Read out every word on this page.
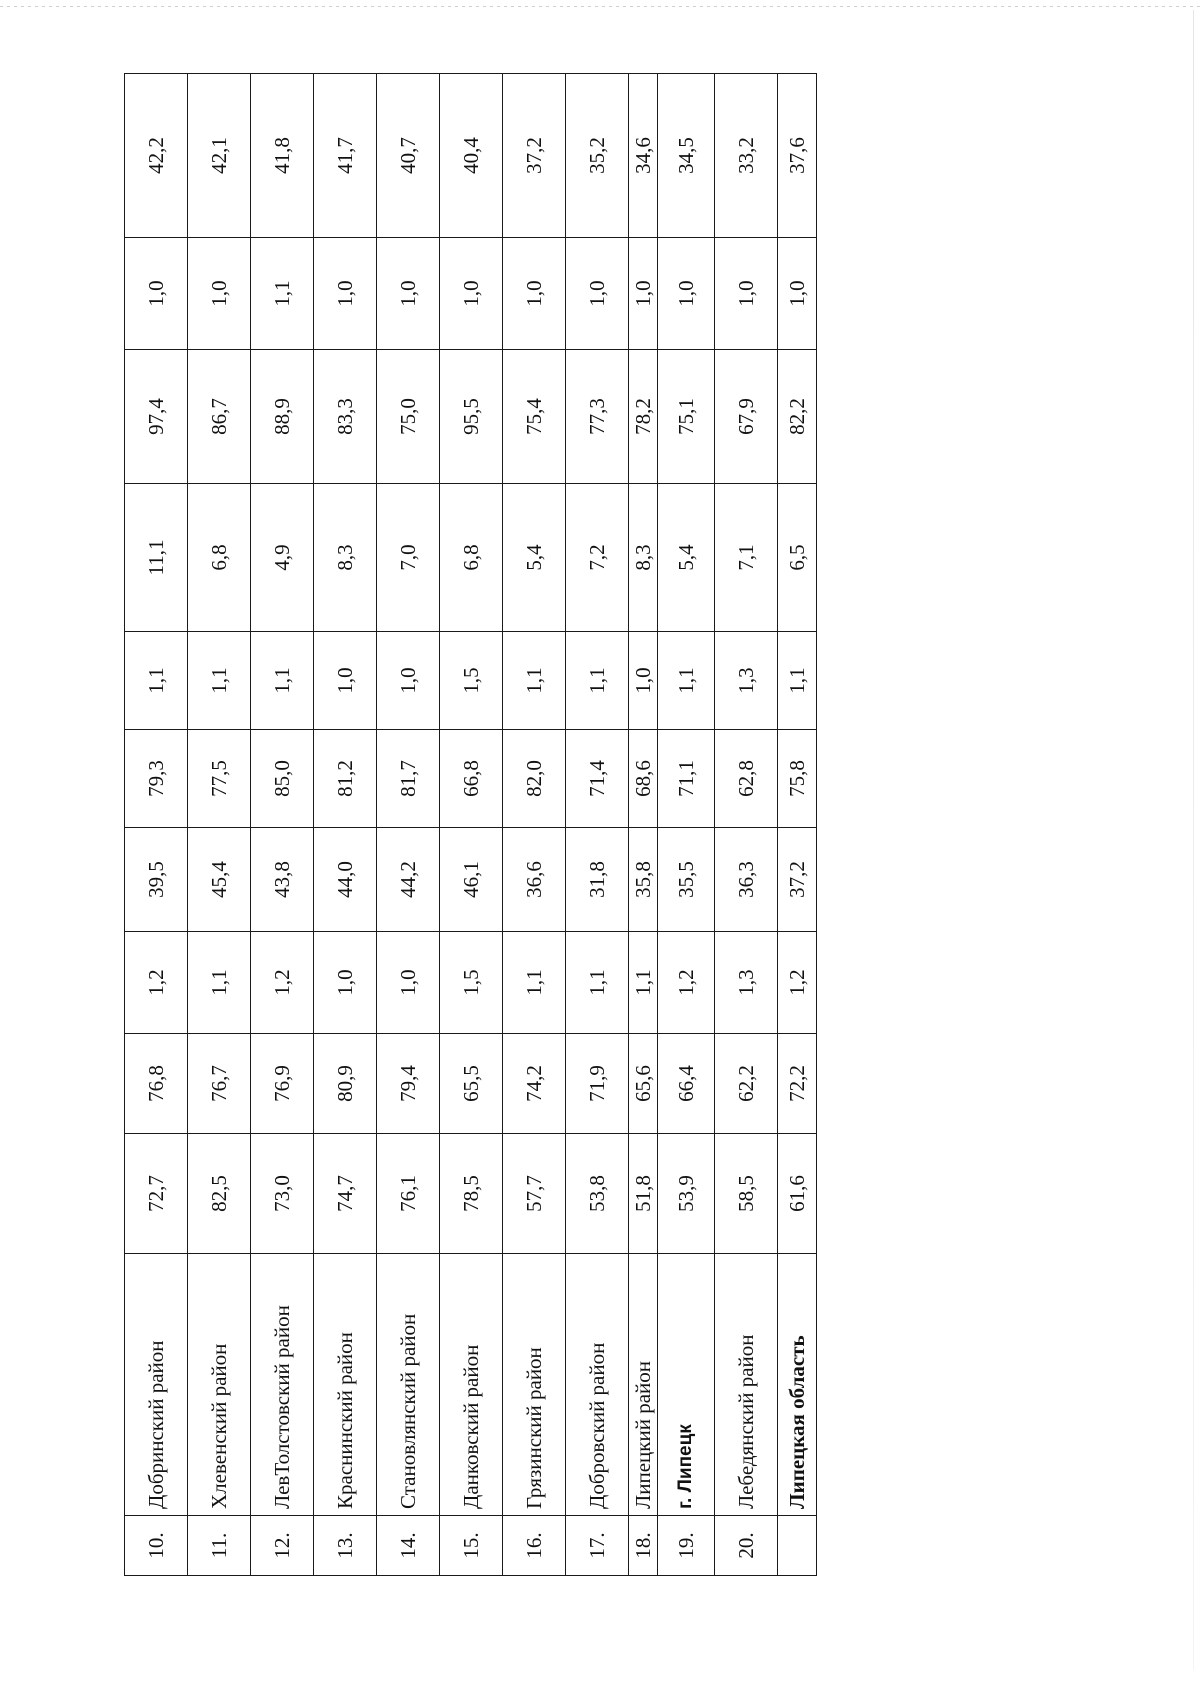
10.	Добринский район	72,7	76,8	1,2	39,5	79,3	1,1	11,1	97,4	1,0	42,2
11.	Хлевенский район	82,5	76,7	1,1	45,4	77,5	1,1	6,8	86,7	1,0	42,1
12.	ЛевТолстовский район	73,0	76,9	1,2	43,8	85,0	1,1	4,9	88,9	1,1	41,8
13.	Краснинский район	74,7	80,9	1,0	44,0	81,2	1,0	8,3	83,3	1,0	41,7
14.	Становлянский район	76,1	79,4	1,0	44,2	81,7	1,0	7,0	75,0	1,0	40,7
15.	Данковский район	78,5	65,5	1,5	46,1	66,8	1,5	6,8	95,5	1,0	40,4
16.	Грязинский район	57,7	74,2	1,1	36,6	82,0	1,1	5,4	75,4	1,0	37,2
17.	Добровский район	53,8	71,9	1,1	31,8	71,4	1,1	7,2	77,3	1,0	35,2
18.	Липецкий район	51,8	65,6	1,1	35,8	68,6	1,0	8,3	78,2	1,0	34,6
19.	г. Липецк	53,9	66,4	1,2	35,5	71,1	1,1	5,4	75,1	1,0	34,5
20.	Лебедянский район	58,5	62,2	1,3	36,3	62,8	1,3	7,1	67,9	1,0	33,2
	Липецкая область	61,6	72,2	1,2	37,2	75,8	1,1	6,5	82,2	1,0	37,6
